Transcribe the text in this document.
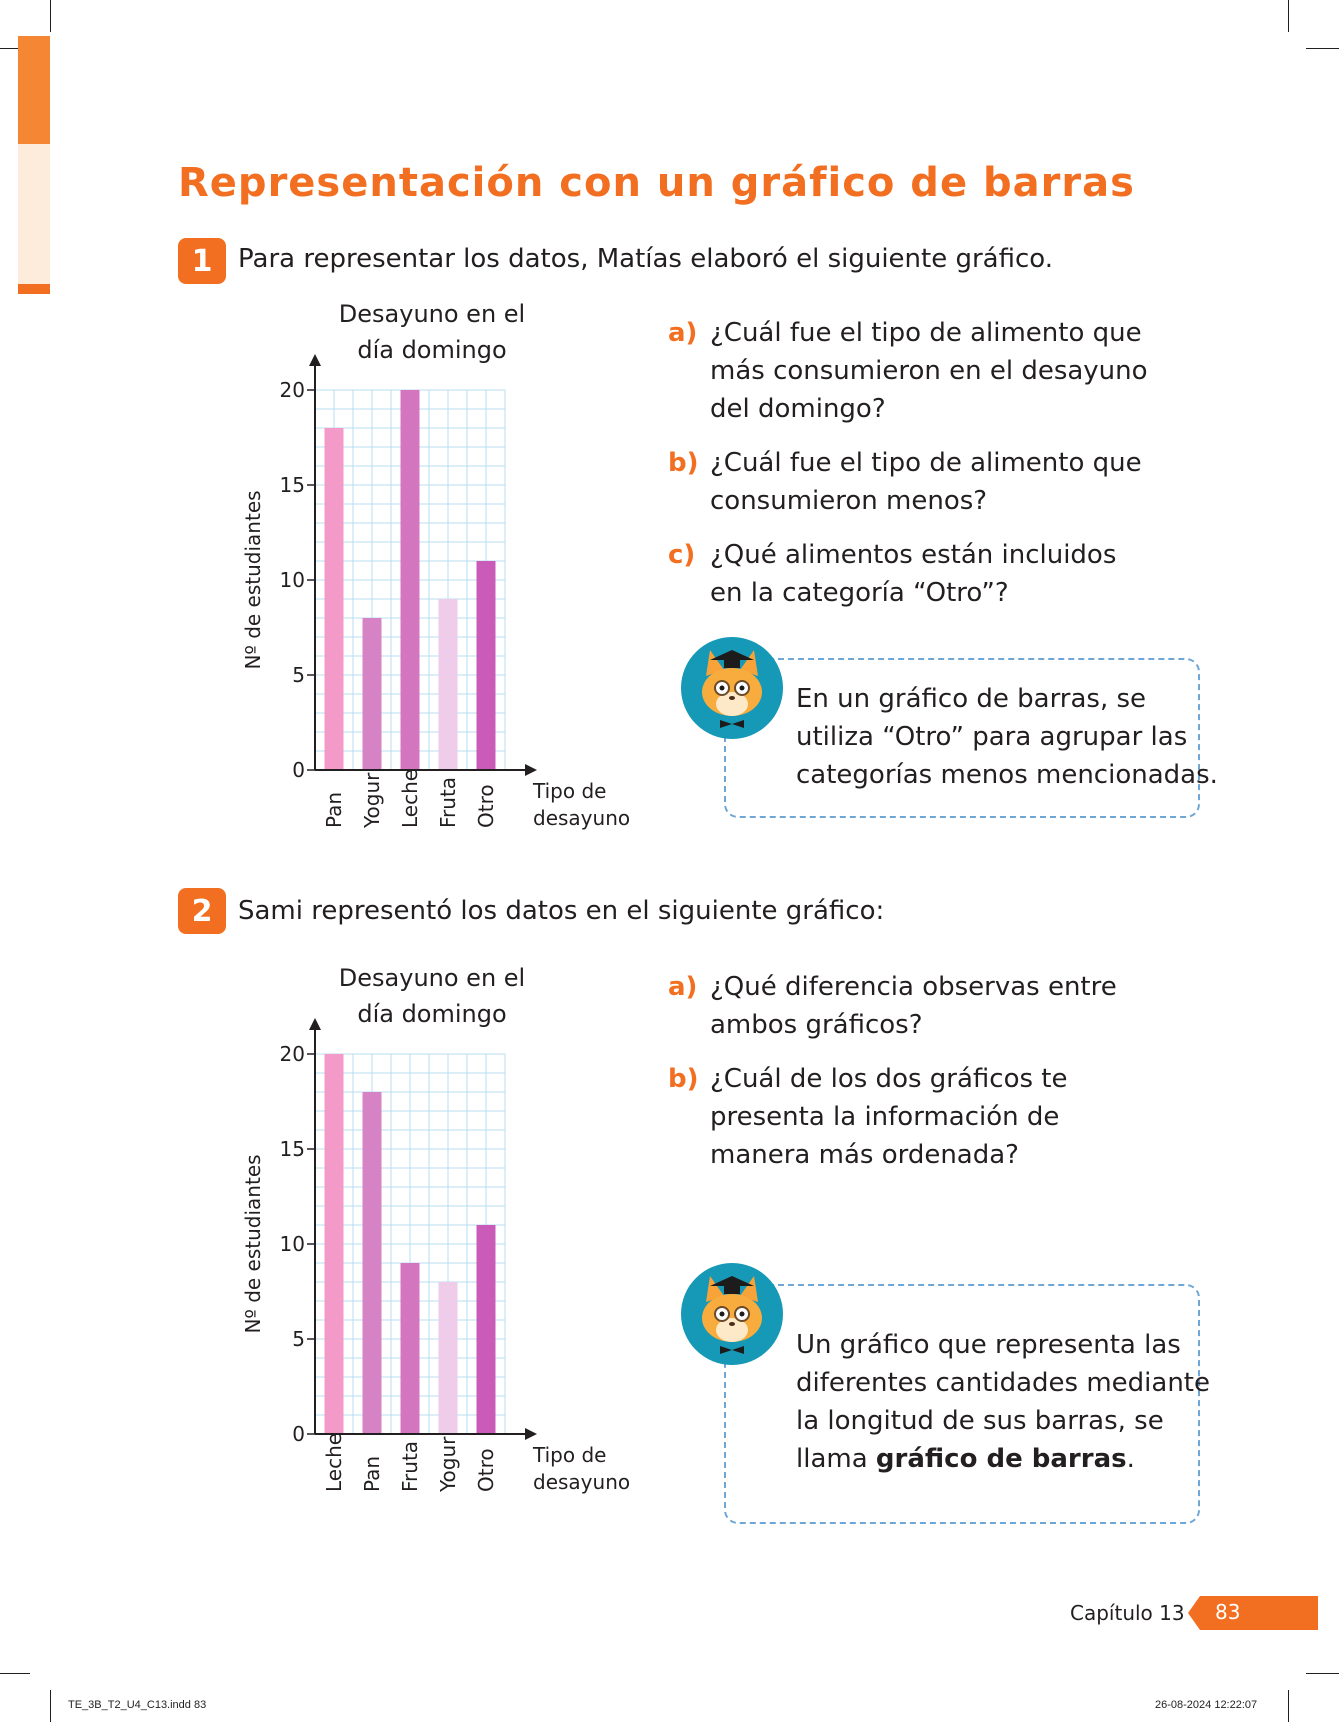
Representación con un gráfico de barras
1 Para representar los datos, Matías elaboró el siguiente gráfico.
Desayuno en el
día domingo
Pan Yogur Leche Fruta Otro
0
5
10
15
20
Nº de estudiantes
Tipo de
desayuno
a) ¿Cuál fue el tipo de alimento que
más consumieron en el desayuno
del domingo?
b) ¿Cuál fue el tipo de alimento que
consumieron menos?
c) ¿Qué alimentos están incluidos
en la categoría “Otro”?
En un gráfico de barras, se
utiliza “Otro” para agrupar las
categorías menos mencionadas.
2 Sami representó los datos en el siguiente gráfico:
Desayuno en el
día domingo
Leche Pan Fruta Yogur Otro
0
5
10
15
20
Nº de estudiantes
Tipo de
desayuno
a) ¿Qué diferencia observas entre
ambos gráficos?
b) ¿Cuál de los dos gráficos te
presenta la información de
manera más ordenada?
Un gráfico que representa las
diferentes cantidades mediante
la longitud de sus barras, se
llama gráfico de barras.
Capítulo 13 83
TE_3B_T2_U4_C13.indd 83	26-08-2024 12:22:07
